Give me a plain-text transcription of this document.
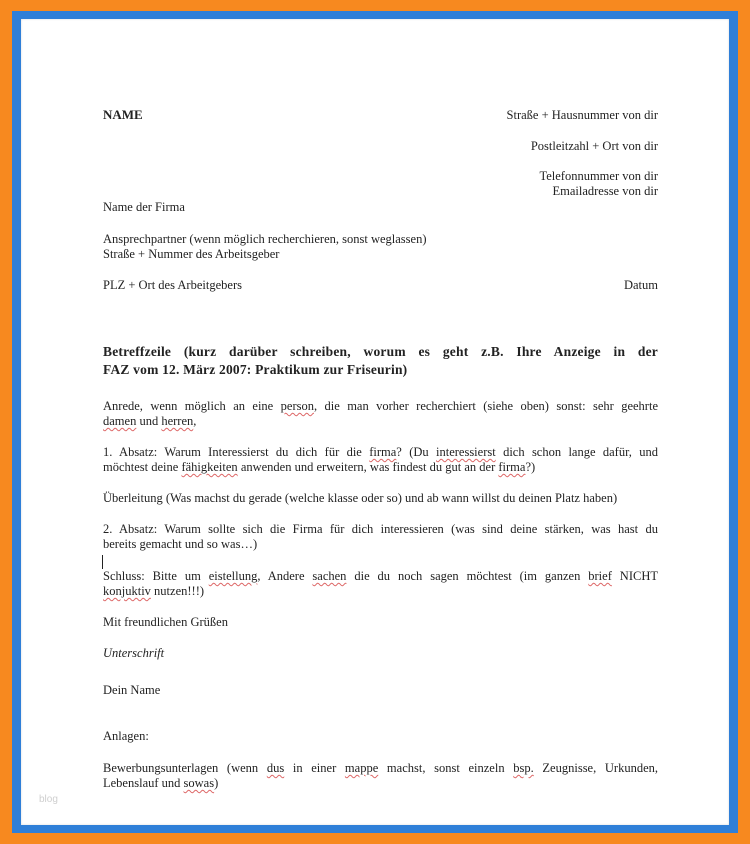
NAME	Straße + Hausnummer von dir

Postleitzahl + Ort von dir

Telefonnummer von dir

Emailadresse von dir

Name der Firma

Ansprechpartner (wenn möglich recherchieren, sonst weglassen)

Straße + Nummer des Arbeitsgeber

PLZ + Ort des Arbeitgebers	Datum

Betreffzeile (kurz darüber schreiben, worum es geht z.B. Ihre Anzeige in der

FAZ vom 12. März 2007: Praktikum zur Friseurin)

Anrede, wenn möglich an eine person, die man vorher recherchiert (siehe oben) sonst: sehr geehrte

damen und herren,

1. Absatz: Warum Interessierst du dich für die firma? (Du interessierst dich schon lange dafür, und

möchtest deine fähigkeiten anwenden und erweitern, was findest du gut an der firma?)

Überleitung (Was machst du gerade (welche klasse oder so) und ab wann willst du deinen Platz haben)

2. Absatz: Warum sollte sich die Firma für dich interessieren (was sind deine stärken, was hast du

bereits gemacht und so was…)

Schluss: Bitte um eistellung, Andere sachen die du noch sagen möchtest (im ganzen brief NICHT

konjuktiv nutzen!!!)

Mit freundlichen Grüßen

Unterschrift

Dein Name

Anlagen:

Bewerbungsunterlagen (wenn dus in einer mappe machst, sonst einzeln bsp. Zeugnisse, Urkunden,

Lebenslauf und sowas)

blog
